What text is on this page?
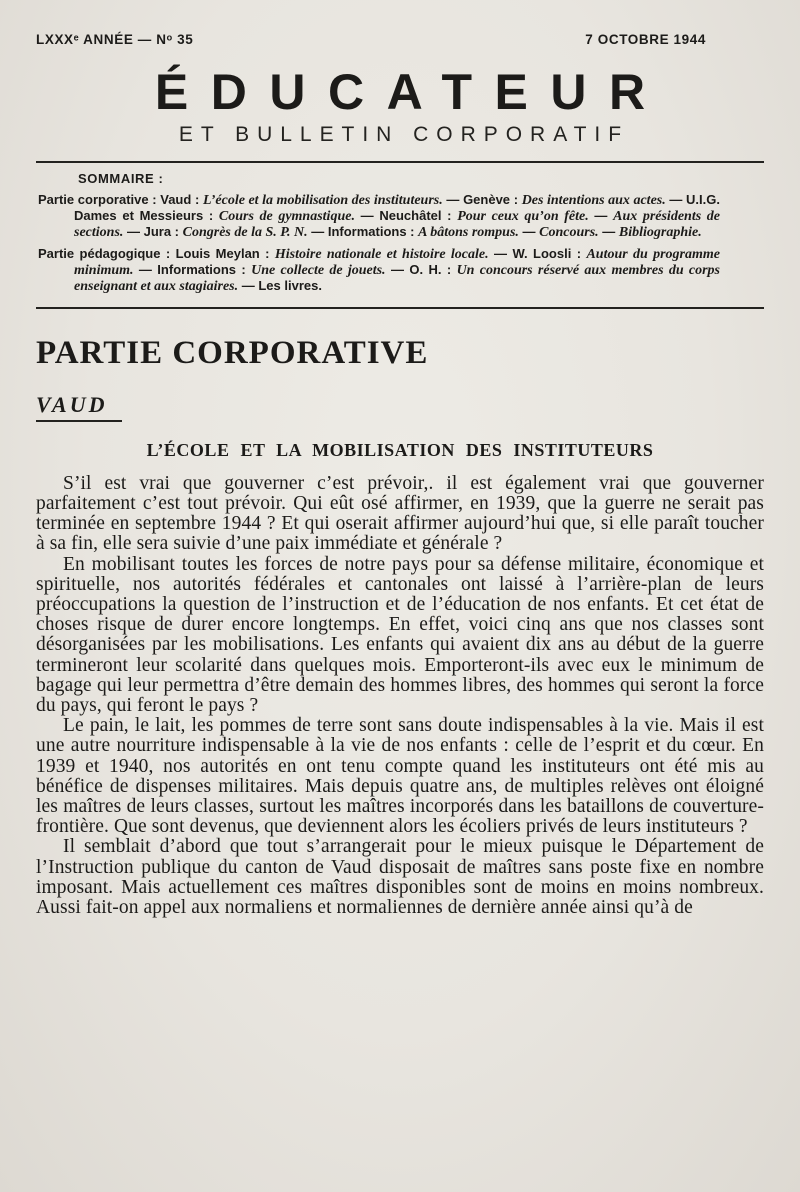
LXXXᵉ ANNÉE — Nᵒ 35	7 OCTOBRE 1944
ÉDUCATEUR
ET BULLETIN CORPORATIF
SOMMAIRE :

Partie corporative : Vaud : L’école et la mobilisation des instituteurs. — Genève : Des intentions aux actes. — U.I.G. Dames et Messieurs : Cours de gymnastique. — Neuchâtel : Pour ceux qu’on fête. — Aux présidents de sections. — Jura : Congrès de la S. P. N. — Informations : A bâtons rompus. — Concours. — Bibliographie.

Partie pédagogique : Louis Meylan : Histoire nationale et histoire locale. — W. Loosli : Autour du programme minimum. — Informations : Une collecte de jouets. — O. H. : Un concours réservé aux membres du corps enseignant et aux stagiaires. — Les livres.

PARTIE CORPORATIVE
VAUD
L’ÉCOLE ET LA MOBILISATION DES INSTITUTEURS

S’il est vrai que gouverner c’est prévoir,. il est également vrai que gouverner parfaitement c’est tout prévoir. Qui eût osé affirmer, en 1939, que la guerre ne serait pas terminée en septembre 1944 ? Et qui oserait affirmer aujourd’hui que, si elle paraît toucher à sa fin, elle sera suivie d’une paix immédiate et générale ?

En mobilisant toutes les forces de notre pays pour sa défense militaire, économique et spirituelle, nos autorités fédérales et cantonales ont laissé à l’arrière-plan de leurs préoccupations la question de l’instruction et de l’éducation de nos enfants. Et cet état de choses risque de durer encore longtemps. En effet, voici cinq ans que nos classes sont désorganisées par les mobilisations. Les enfants qui avaient dix ans au début de la guerre termineront leur scolarité dans quelques mois. Emporteront-ils avec eux le minimum de bagage qui leur permettra d’être demain des hommes libres, des hommes qui seront la force du pays, qui feront le pays ?

Le pain, le lait, les pommes de terre sont sans doute indispensables à la vie. Mais il est une autre nourriture indispensable à la vie de nos enfants : celle de l’esprit et du cœur. En 1939 et 1940, nos autorités en ont tenu compte quand les instituteurs ont été mis au bénéfice de dispenses militaires. Mais depuis quatre ans, de multiples relèves ont éloigné les maîtres de leurs classes, surtout les maîtres incorporés dans les bataillons de couverture-frontière. Que sont devenus, que deviennent alors les écoliers privés de leurs instituteurs ?

Il semblait d’abord que tout s’arrangerait pour le mieux puisque le Département de l’Instruction publique du canton de Vaud disposait de maîtres sans poste fixe en nombre imposant. Mais actuellement ces maîtres disponibles sont de moins en moins nombreux. Aussi fait-on appel aux normaliens et normaliennes de dernière année ainsi qu’à de
